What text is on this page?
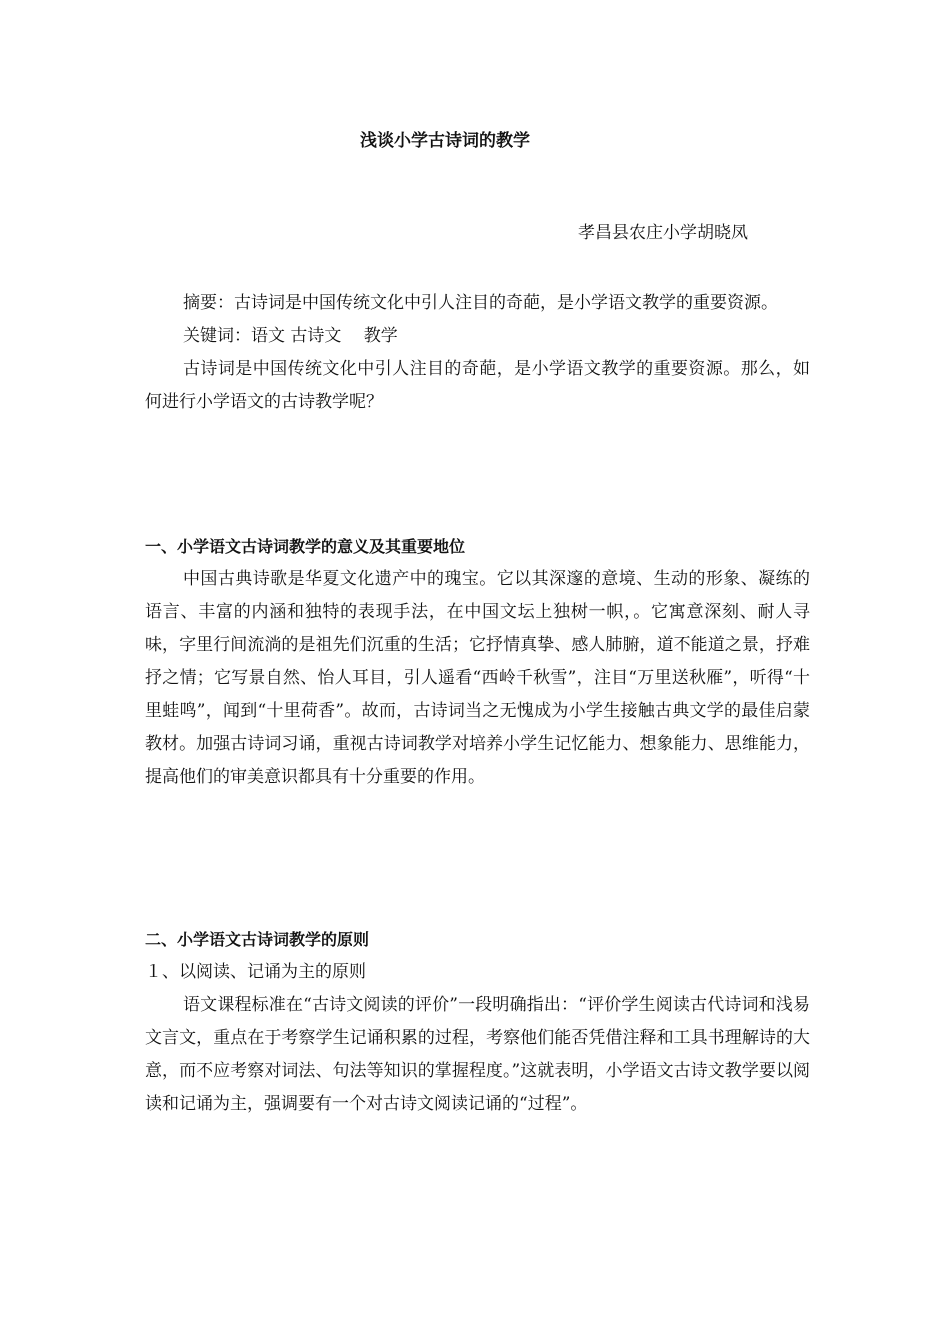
浅谈小学古诗词的教学
孝昌县农庄小学胡晓凤

摘要：古诗词是中国传统文化中引人注目的奇葩，是小学语文教学的重要资源。

关键词：语文 古诗文　 教学

古诗词是中国传统文化中引人注目的奇葩，是小学语文教学的重要资源。那么，如何进行小学语文的古诗教学呢？

一、小学语文古诗词教学的意义及其重要地位

中国古典诗歌是华夏文化遗产中的瑰宝。它以其深邃的意境、生动的形象、凝练的语言、丰富的内涵和独特的表现手法，在中国文坛上独树一帜，。它寓意深刻、耐人寻味，字里行间流淌的是祖先们沉重的生活；它抒情真挚、感人肺腑，道不能道之景，抒难抒之情；它写景自然、怡人耳目，引人遥看“西岭千秋雪”，注目“万里送秋雁”，听得“十里蛙鸣”，闻到“十里荷香”。故而，古诗词当之无愧成为小学生接触古典文学的最佳启蒙教材。加强古诗词习诵，重视古诗词教学对培养小学生记忆能力、想象能力、思维能力，提高他们的审美意识都具有十分重要的作用。

二、小学语文古诗词教学的原则

１、以阅读、记诵为主的原则

语文课程标准在“古诗文阅读的评价”一段明确指出：“评价学生阅读古代诗词和浅易文言文，重点在于考察学生记诵积累的过程，考察他们能否凭借注释和工具书理解诗的大意，而不应考察对词法、句法等知识的掌握程度。”这就表明，小学语文古诗文教学要以阅读和记诵为主，强调要有一个对古诗文阅读记诵的“过程”。
